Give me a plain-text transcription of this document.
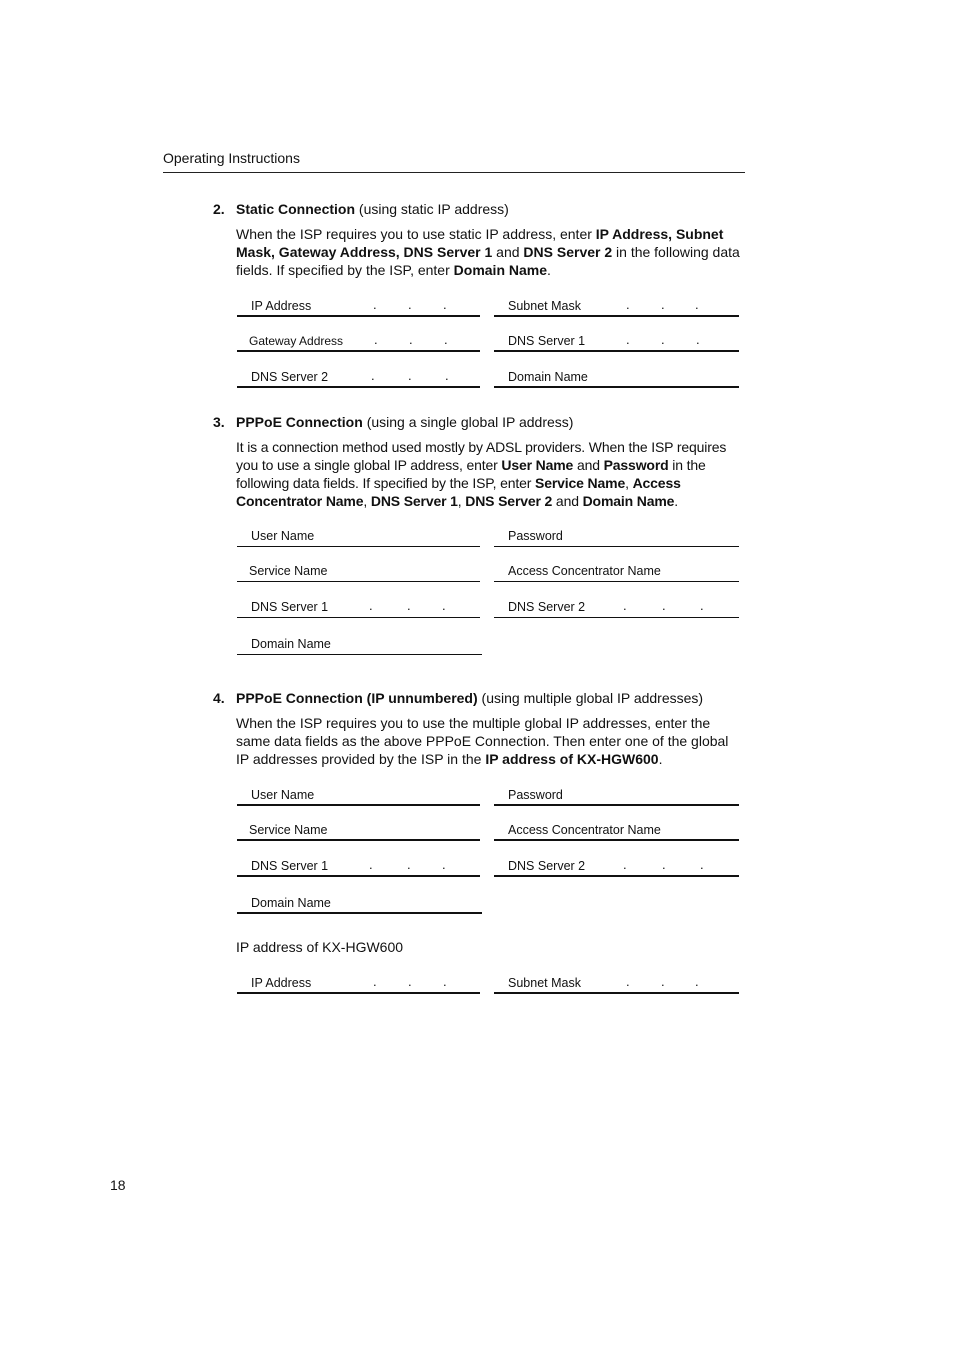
Operating Instructions
2. Static Connection (using static IP address)
When the ISP requires you to use static IP address, enter IP Address, Subnet Mask, Gateway Address, DNS Server 1 and DNS Server 2 in the following data fields. If specified by the ISP, enter Domain Name.
IP Address	. . .	Subnet Mask	. . .
Gateway Address . . .	DNS Server 1	. . .
DNS Server 2	.	.	.	Domain Name
3. PPPoE Connection (using a single global IP address)
It is a connection method used mostly by ADSL providers. When the ISP requires you to use a single global IP address, enter User Name and Password in the following data fields. If specified by the ISP, enter Service Name, Access Concentrator Name, DNS Server 1, DNS Server 2 and Domain Name.
User Name	Password
Service Name	Access Concentrator Name
DNS Server 1	.	. .	DNS Server 2	.	.	.
Domain Name
4. PPPoE Connection (IP unnumbered) (using multiple global IP addresses)
When the ISP requires you to use the multiple global IP addresses, enter the same data fields as the above PPPoE Connection. Then enter one of the global IP addresses provided by the ISP in the IP address of KX-HGW600.
User Name	Password
Service Name	Access Concentrator Name
DNS Server 1	.	. .	DNS Server 2	.	.	.
Domain Name
IP address of KX-HGW600
IP Address	. . .	Subnet Mask	. . .
18
